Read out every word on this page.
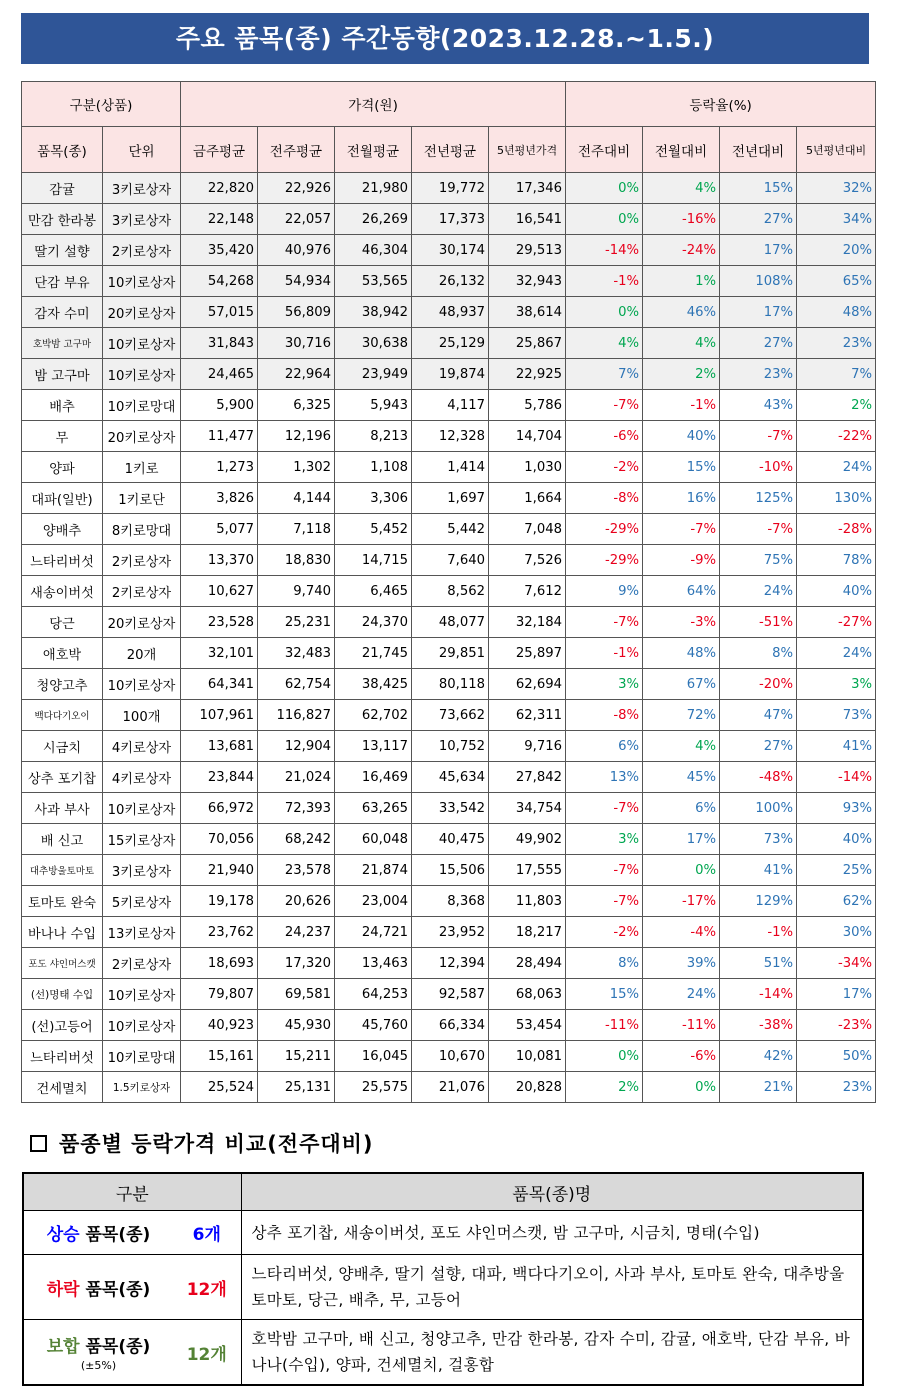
주요 품목(종) 주간동향(2023.12.28.~1.5.)
구분(상품)		가격(원)					등락율(%)			
품목(종)	단위	금주평균	전주평균	전월평균	전년평균	5년평년가격	전주대비	전월대비	전년대비	5년평년대비
감귤	3키로상자	22,820	22,926	21,980	19,772	17,346	0%	4%	15%	32%
만감 한라봉	3키로상자	22,148	22,057	26,269	17,373	16,541	0%	-16%	27%	34%
딸기 설향	2키로상자	35,420	40,976	46,304	30,174	29,513	-14%	-24%	17%	20%
단감 부유	10키로상자	54,268	54,934	53,565	26,132	32,943	-1%	1%	108%	65%
감자 수미	20키로상자	57,015	56,809	38,942	48,937	38,614	0%	46%	17%	48%
호박밤 고구마	10키로상자	31,843	30,716	30,638	25,129	25,867	4%	4%	27%	23%
밤 고구마	10키로상자	24,465	22,964	23,949	19,874	22,925	7%	2%	23%	7%
배추	10키로망대	5,900	6,325	5,943	4,117	5,786	-7%	-1%	43%	2%
무	20키로상자	11,477	12,196	8,213	12,328	14,704	-6%	40%	-7%	-22%
양파	1키로	1,273	1,302	1,108	1,414	1,030	-2%	15%	-10%	24%
대파(일반)	1키로단	3,826	4,144	3,306	1,697	1,664	-8%	16%	125%	130%
양배추	8키로망대	5,077	7,118	5,452	5,442	7,048	-29%	-7%	-7%	-28%
느타리버섯	2키로상자	13,370	18,830	14,715	7,640	7,526	-29%	-9%	75%	78%
새송이버섯	2키로상자	10,627	9,740	6,465	8,562	7,612	9%	64%	24%	40%
당근	20키로상자	23,528	25,231	24,370	48,077	32,184	-7%	-3%	-51%	-27%
애호박	20개	32,101	32,483	21,745	29,851	25,897	-1%	48%	8%	24%
청양고추	10키로상자	64,341	62,754	38,425	80,118	62,694	3%	67%	-20%	3%
백다다기오이	100개	107,961	116,827	62,702	73,662	62,311	-8%	72%	47%	73%
시금치	4키로상자	13,681	12,904	13,117	10,752	9,716	6%	4%	27%	41%
상추 포기찹	4키로상자	23,844	21,024	16,469	45,634	27,842	13%	45%	-48%	-14%
사과 부사	10키로상자	66,972	72,393	63,265	33,542	34,754	-7%	6%	100%	93%
배 신고	15키로상자	70,056	68,242	60,048	40,475	49,902	3%	17%	73%	40%
대추방울토마토	3키로상자	21,940	23,578	21,874	15,506	17,555	-7%	0%	41%	25%
토마토 완숙	5키로상자	19,178	20,626	23,004	8,368	11,803	-7%	-17%	129%	62%
바나나 수입	13키로상자	23,762	24,237	24,721	23,952	18,217	-2%	-4%	-1%	30%
포도 샤인머스캣	2키로상자	18,693	17,320	13,463	12,394	28,494	8%	39%	51%	-34%
(선)명태 수입	10키로상자	79,807	69,581	64,253	92,587	68,063	15%	24%	-14%	17%
(선)고등어	10키로상자	40,923	45,930	45,760	66,334	53,454	-11%	-11%	-38%	-23%
느타리버섯	10키로망대	15,161	15,211	16,045	10,670	10,081	0%	-6%	42%	50%
건세멸치	1.5키로상자	25,524	25,131	25,575	21,076	20,828	2%	0%	21%	23%
품종별 등락가격 비교(전주대비)
구분		품목(종)명
상승 품목(종)	6개	상추 포기찹, 새송이버섯, 포도 샤인머스캣, 밤 고구마, 시금치, 명태(수입)
하락 품목(종)	12개	느타리버섯, 양배추, 딸기 설향, 대파, 백다다기오이, 사과 부사, 토마토 완숙, 대추방울토마토, 당근, 배추, 무, 고등어
보합 품목(종)
(±5%)	12개	호박밤 고구마, 배 신고, 청양고추, 만감 한라봉, 감자 수미, 감귤, 애호박, 단감 부유, 바나나(수입), 양파, 건세멸치, 걸홍합
